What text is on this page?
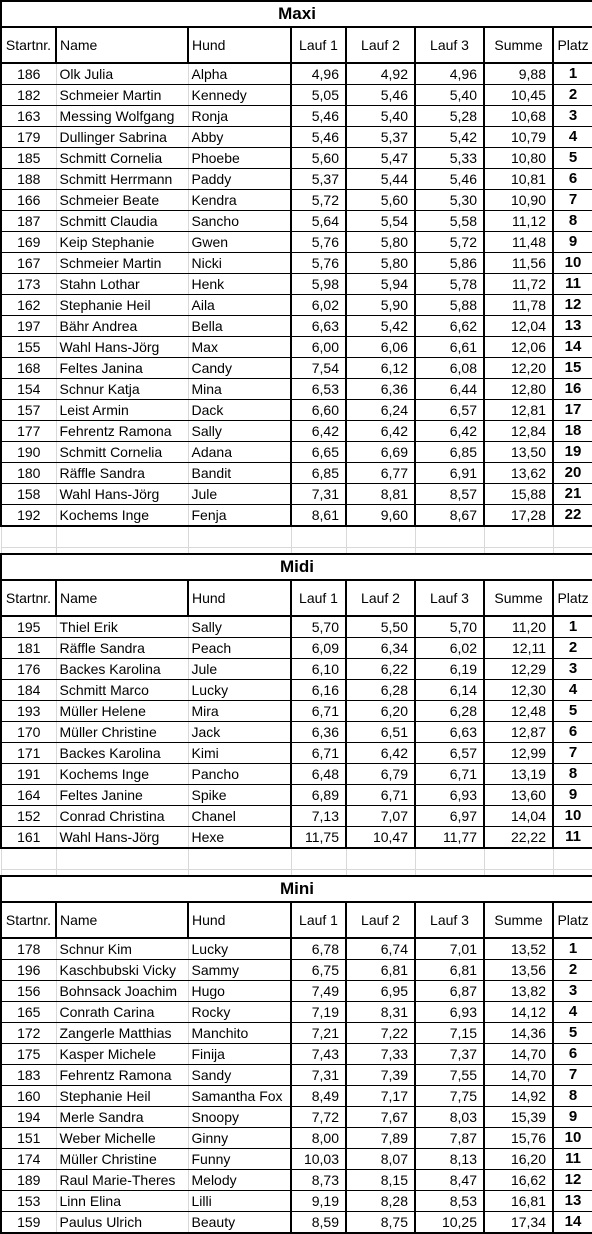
Maxi							
Startnr.	Name	Hund	Lauf 1	Lauf 2	Lauf 3	Summe	Platz
186	Olk Julia	Alpha	4,96	4,92	4,96	9,88	1
182	Schmeier Martin	Kennedy	5,05	5,46	5,40	10,45	2
163	Messing Wolfgang	Ronja	5,46	5,40	5,28	10,68	3
179	Dullinger Sabrina	Abby	5,46	5,37	5,42	10,79	4
185	Schmitt Cornelia	Phoebe	5,60	5,47	5,33	10,80	5
188	Schmitt Herrmann	Paddy	5,37	5,44	5,46	10,81	6
166	Schmeier Beate	Kendra	5,72	5,60	5,30	10,90	7
187	Schmitt Claudia	Sancho	5,64	5,54	5,58	11,12	8
169	Keip Stephanie	Gwen	5,76	5,80	5,72	11,48	9
167	Schmeier Martin	Nicki	5,76	5,80	5,86	11,56	10
173	Stahn Lothar	Henk	5,98	5,94	5,78	11,72	11
162	Stephanie Heil	Aila	6,02	5,90	5,88	11,78	12
197	Bähr Andrea	Bella	6,63	5,42	6,62	12,04	13
155	Wahl Hans-Jörg	Max	6,00	6,06	6,61	12,06	14
168	Feltes Janina	Candy	7,54	6,12	6,08	12,20	15
154	Schnur Katja	Mina	6,53	6,36	6,44	12,80	16
157	Leist Armin	Dack	6,60	6,24	6,57	12,81	17
177	Fehrentz Ramona	Sally	6,42	6,42	6,42	12,84	18
190	Schmitt Cornelia	Adana	6,65	6,69	6,85	13,50	19
180	Räffle Sandra	Bandit	6,85	6,77	6,91	13,62	20
158	Wahl Hans-Jörg	Jule	7,31	8,81	8,57	15,88	21
192	Kochems Inge	Fenja	8,61	9,60	8,67	17,28	22

Midi							
Startnr.	Name	Hund	Lauf 1	Lauf 2	Lauf 3	Summe	Platz
195	Thiel Erik	Sally	5,70	5,50	5,70	11,20	1
181	Räffle Sandra	Peach	6,09	6,34	6,02	12,11	2
176	Backes Karolina	Jule	6,10	6,22	6,19	12,29	3
184	Schmitt Marco	Lucky	6,16	6,28	6,14	12,30	4
193	Müller Helene	Mira	6,71	6,20	6,28	12,48	5
170	Müller Christine	Jack	6,36	6,51	6,63	12,87	6
171	Backes Karolina	Kimi	6,71	6,42	6,57	12,99	7
191	Kochems Inge	Pancho	6,48	6,79	6,71	13,19	8
164	Feltes Janine	Spike	6,89	6,71	6,93	13,60	9
152	Conrad Christina	Chanel	7,13	7,07	6,97	14,04	10
161	Wahl Hans-Jörg	Hexe	11,75	10,47	11,77	22,22	11

Mini							
Startnr.	Name	Hund	Lauf 1	Lauf 2	Lauf 3	Summe	Platz
178	Schnur Kim	Lucky	6,78	6,74	7,01	13,52	1
196	Kaschbubski Vicky	Sammy	6,75	6,81	6,81	13,56	2
156	Bohnsack Joachim	Hugo	7,49	6,95	6,87	13,82	3
165	Conrath Carina	Rocky	7,19	8,31	6,93	14,12	4
172	Zangerle Matthias	Manchito	7,21	7,22	7,15	14,36	5
175	Kasper Michele	Finija	7,43	7,33	7,37	14,70	6
183	Fehrentz Ramona	Sandy	7,31	7,39	7,55	14,70	7
160	Stephanie Heil	Samantha Fox	8,49	7,17	7,75	14,92	8
194	Merle Sandra	Snoopy	7,72	7,67	8,03	15,39	9
151	Weber Michelle	Ginny	8,00	7,89	7,87	15,76	10
174	Müller Christine	Funny	10,03	8,07	8,13	16,20	11
189	Raul Marie-Theres	Melody	8,73	8,15	8,47	16,62	12
153	Linn Elina	Lilli	9,19	8,28	8,53	16,81	13
159	Paulus Ulrich	Beauty	8,59	8,75	10,25	17,34	14
